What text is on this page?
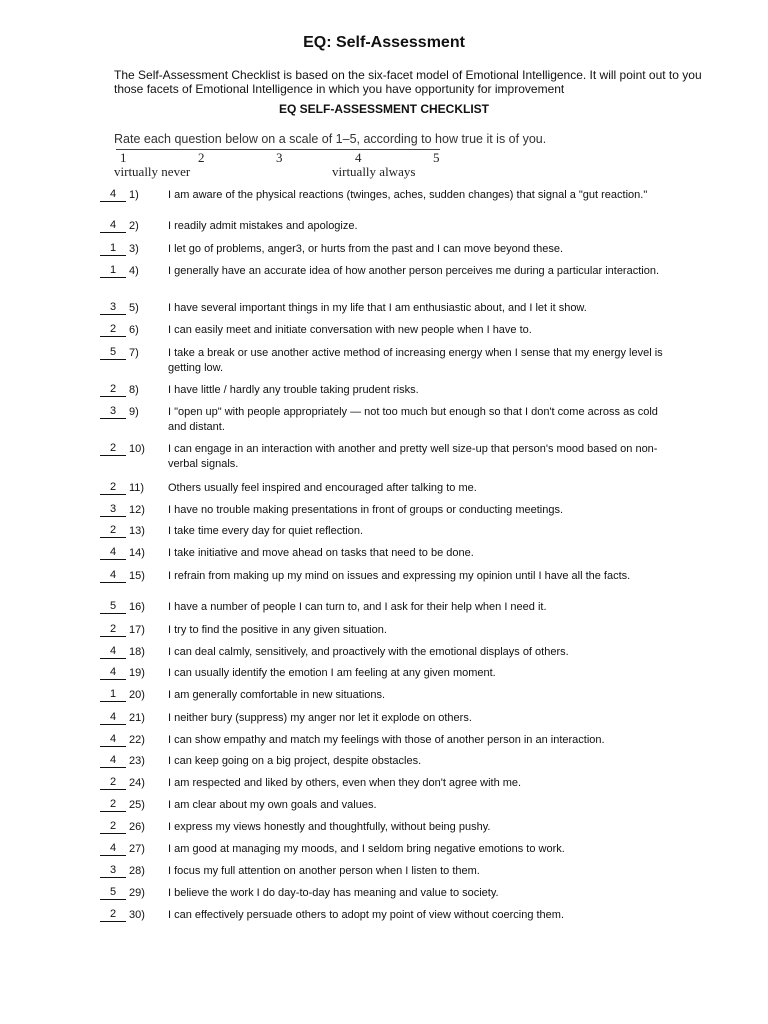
EQ: Self-Assessment
The Self-Assessment Checklist is based on the six-facet model of Emotional Intelligence. It will point out to you those facets of Emotional Intelligence in which you have opportunity for improvement
EQ SELF-ASSESSMENT CHECKLIST
Rate each question below on a scale of 1–5, according to how true it is of you.
1	2	3	4	5
virtually never	virtually always
4	1)	I am aware of the physical reactions (twinges, aches, sudden changes) that signal a "gut reaction."
4	2)	I readily admit mistakes and apologize.
1	3)	I let go of problems, anger3, or hurts from the past and I can move beyond these.
1	4)	I generally have an accurate idea of how another person perceives me during a particular interaction.
3	5)	I have several important things in my life that I am enthusiastic about, and I let it show.
2	6)	I can easily meet and initiate conversation with new people when I have to.
5	7)	I take a break or use another active method of increasing energy when I sense that my energy level is getting low.
2	8)	I have little / hardly any trouble taking prudent risks.
3	9)	I "open up" with people appropriately — not too much but enough so that I don't come across as cold and distant.
2	10)	I can engage in an interaction with another and pretty well size-up that person's mood based on non-verbal signals.
2	11)	Others usually feel inspired and encouraged after talking to me.
3	12)	I have no trouble making presentations in front of groups or conducting meetings.
2	13)	I take time every day for quiet reflection.
4	14)	I take initiative and move ahead on tasks that need to be done.
4	15)	I refrain from making up my mind on issues and expressing my opinion until I have all the facts.
5	16)	I have a number of people I can turn to, and I ask for their help when I need it.
2	17)	I try to find the positive in any given situation.
4	18)	I can deal calmly, sensitively, and proactively with the emotional displays of others.
4	19)	I can usually identify the emotion I am feeling at any given moment.
1	20)	I am generally comfortable in new situations.
4	21)	I neither bury (suppress) my anger nor let it explode on others.
4	22)	I can show empathy and match my feelings with those of another person in an interaction.
4	23)	I can keep going on a big project, despite obstacles.
2	24)	I am respected and liked by others, even when they don't agree with me.
2	25)	I am clear about my own goals and values.
2	26)	I express my views honestly and thoughtfully, without being pushy.
4	27)	I am good at managing my moods, and I seldom bring negative emotions to work.
3	28)	I focus my full attention on another person when I listen to them.
5	29)	I believe the work I do day-to-day has meaning and value to society.
2	30)	I can effectively persuade others to adopt my point of view without coercing them.
